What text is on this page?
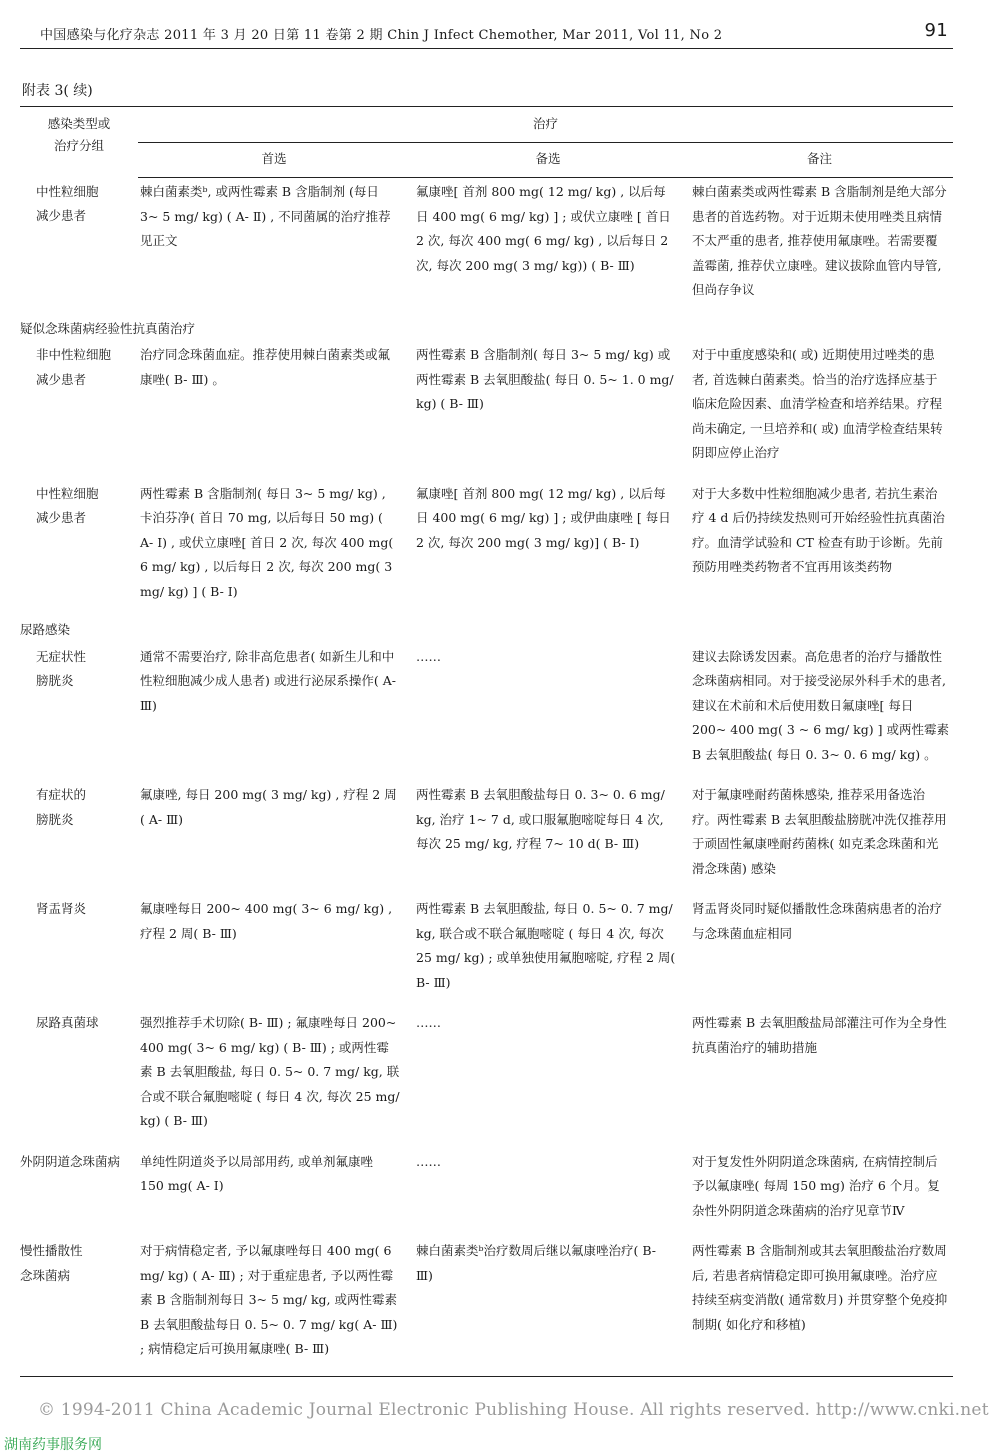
中国感染与化疗杂志 2011 年 3 月 20 日第 11 卷第 2 期 Chin J Infect Chemother, Mar 2011, Vol 11, No 2	91
附表 3( 续)
感染类型或
治疗分组	治疗		
	首选	备选	备注
中性粒细胞
减少患者	棘白菌素类ᵇ, 或两性霉素 B 含脂制剂 (每日 3~ 5 mg/ kg) ( A- Ⅱ) , 不同菌属的治疗推荐见正文	氟康唑[ 首剂 800 mg( 12 mg/ kg) , 以后每日 400 mg( 6 mg/ kg) ] ; 或伏立康唑 [ 首日 2 次, 每次 400 mg( 6 mg/ kg) , 以后每日 2 次, 每次 200 mg( 3 mg/ kg)) ( B- Ⅲ)	棘白菌素类或两性霉素 B 含脂制剂是绝大部分患者的首选药物。对于近期未使用唑类且病情不太严重的患者, 推荐使用氟康唑。若需要覆盖霉菌, 推荐伏立康唑。建议拔除血管内导管, 但尚存争议
疑似念珠菌病经验性抗真菌治疗			
非中性粒细胞
减少患者	治疗同念珠菌血症。推荐使用棘白菌素类或氟康唑( B- Ⅲ) 。	两性霉素 B 含脂制剂( 每日 3~ 5 mg/ kg) 或两性霉素 B 去氧胆酸盐( 每日 0. 5~ 1. 0 mg/ kg) ( B- Ⅲ)	对于中重度感染和( 或) 近期使用过唑类的患者, 首选棘白菌素类。恰当的治疗选择应基于临床危险因素、血清学检查和培养结果。疗程尚未确定, 一旦培养和( 或) 血清学检查结果转阴即应停止治疗
中性粒细胞
减少患者	两性霉素 B 含脂制剂( 每日 3~ 5 mg/ kg) , 卡泊芬净( 首日 70 mg, 以后每日 50 mg) ( A- Ⅰ) , 或伏立康唑[ 首日 2 次, 每次 400 mg( 6 mg/ kg) , 以后每日 2 次, 每次 200 mg( 3 mg/ kg) ] ( B- Ⅰ)	氟康唑[ 首剂 800 mg( 12 mg/ kg) , 以后每日 400 mg( 6 mg/ kg) ] ; 或伊曲康唑 [ 每日 2 次, 每次 200 mg( 3 mg/ kg)] ( B- Ⅰ)	对于大多数中性粒细胞减少患者, 若抗生素治疗 4 d 后仍持续发热则可开始经验性抗真菌治疗。血清学试验和 CT 检查有助于诊断。先前预防用唑类药物者不宜再用该类药物
尿路感染			
无症状性
膀胱炎	通常不需要治疗, 除非高危患者( 如新生儿和中性粒细胞减少成人患者) 或进行泌尿系操作( A- Ⅲ)	……	建议去除诱发因素。高危患者的治疗与播散性念珠菌病相同。对于接受泌尿外科手术的患者, 建议在术前和术后使用数日氟康唑[ 每日 200~ 400 mg( 3 ~ 6 mg/ kg) ] 或两性霉素 B 去氧胆酸盐( 每日 0. 3~ 0. 6 mg/ kg) 。
有症状的
膀胱炎	氟康唑, 每日 200 mg( 3 mg/ kg) , 疗程 2 周( A- Ⅲ)	两性霉素 B 去氧胆酸盐每日 0. 3~ 0. 6 mg/ kg, 治疗 1~ 7 d, 或口服氟胞嘧啶每日 4 次, 每次 25 mg/ kg, 疗程 7~ 10 d( B- Ⅲ)	对于氟康唑耐药菌株感染, 推荐采用备选治疗。两性霉素 B 去氧胆酸盐膀胱冲洗仅推荐用于顽固性氟康唑耐药菌株( 如克柔念珠菌和光滑念珠菌) 感染
肾盂肾炎	氟康唑每日 200~ 400 mg( 3~ 6 mg/ kg) , 疗程 2 周( B- Ⅲ)	两性霉素 B 去氧胆酸盐, 每日 0. 5~ 0. 7 mg/ kg, 联合或不联合氟胞嘧啶 ( 每日 4 次, 每次 25 mg/ kg) ; 或单独使用氟胞嘧啶, 疗程 2 周( B- Ⅲ)	肾盂肾炎同时疑似播散性念珠菌病患者的治疗与念珠菌血症相同
尿路真菌球	强烈推荐手术切除( B- Ⅲ) ; 氟康唑每日 200~ 400 mg( 3~ 6 mg/ kg) ( B- Ⅲ) ; 或两性霉素 B 去氧胆酸盐, 每日 0. 5~ 0. 7 mg/ kg, 联合或不联合氟胞嘧啶 ( 每日 4 次, 每次 25 mg/ kg) ( B- Ⅲ)	……	两性霉素 B 去氧胆酸盐局部灌注可作为全身性抗真菌治疗的辅助措施
外阴阴道念珠菌病	单纯性阴道炎予以局部用药, 或单剂氟康唑 150 mg( A- Ⅰ)	……	对于复发性外阴阴道念珠菌病, 在病情控制后予以氟康唑( 每周 150 mg) 治疗 6 个月。复杂性外阴阴道念珠菌病的治疗见章节Ⅳ
慢性播散性
念珠菌病	对于病情稳定者, 予以氟康唑每日 400 mg( 6 mg/ kg) ( A- Ⅲ) ; 对于重症患者, 予以两性霉素 B 含脂制剂每日 3~ 5 mg/ kg, 或两性霉素 B 去氧胆酸盐每日 0. 5~ 0. 7 mg/ kg( A- Ⅲ) ; 病情稳定后可换用氟康唑( B- Ⅲ)	棘白菌素类ᵇ治疗数周后继以氟康唑治疗( B- Ⅲ)	两性霉素 B 含脂制剂或其去氧胆酸盐治疗数周后, 若患者病情稳定即可换用氟康唑。治疗应持续至病变消散( 通常数月) 并贯穿整个免疫抑制期( 如化疗和移植)
© 1994-2011 China Academic Journal Electronic Publishing House. All rights reserved. http://www.cnki.net
湖南药事服务网
